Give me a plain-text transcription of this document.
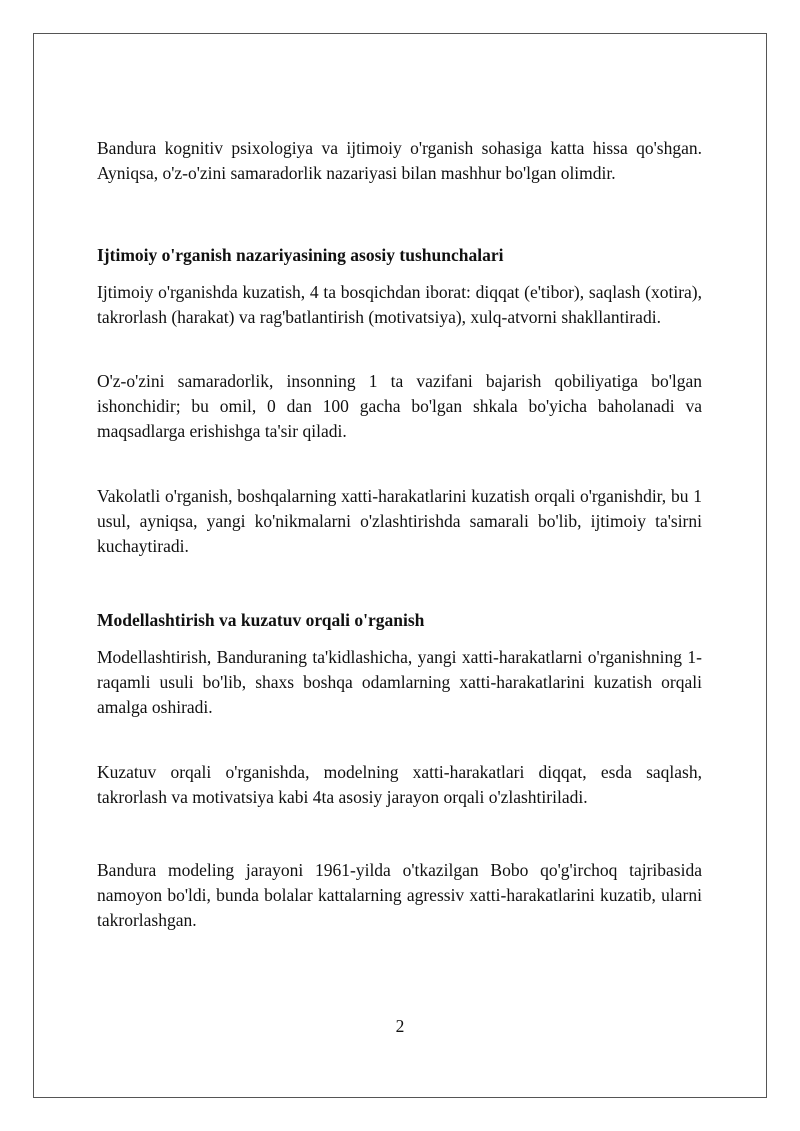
Bandura kognitiv psixologiya va ijtimoiy o'rganish sohasiga katta hissa qo'shgan. Ayniqsa, o'z-o'zini samaradorlik nazariyasi bilan mashhur bo'lgan olimdir.

Ijtimoiy o'rganish nazariyasining asosiy tushunchalari

Ijtimoiy o'rganishda kuzatish, 4 ta bosqichdan iborat: diqqat (e'tibor), saqlash (xotira), takrorlash (harakat) va rag'batlantirish (motivatsiya), xulq-atvorni shakllantiradi.

O'z-o'zini samaradorlik, insonning 1 ta vazifani bajarish qobiliyatiga bo'lgan ishonchidir; bu omil, 0 dan 100 gacha bo'lgan shkala bo'yicha baholanadi va maqsadlarga erishishga ta'sir qiladi.

Vakolatli o'rganish, boshqalarning xatti-harakatlarini kuzatish orqali o'rganishdir, bu 1 usul, ayniqsa, yangi ko'nikmalarni o'zlashtirishda samarali bo'lib, ijtimoiy ta'sirni kuchaytiradi.

Modellashtirish va kuzatuv orqali o'rganish

Modellashtirish, Banduraning ta'kidlashicha, yangi xatti-harakatlarni o'rganishning 1-raqamli usuli bo'lib, shaxs boshqa odamlarning xatti-harakatlarini kuzatish orqali amalga oshiradi.

Kuzatuv orqali o'rganishda, modelning xatti-harakatlari diqqat, esda saqlash, takrorlash va motivatsiya kabi 4ta asosiy jarayon orqali o'zlashtiriladi.

Bandura modeling jarayoni 1961-yilda o'tkazilgan Bobo qo'g'irchoq tajribasida namoyon bo'ldi, bunda bolalar kattalarning agressiv xatti-harakatlarini kuzatib, ularni takrorlashgan.

2
